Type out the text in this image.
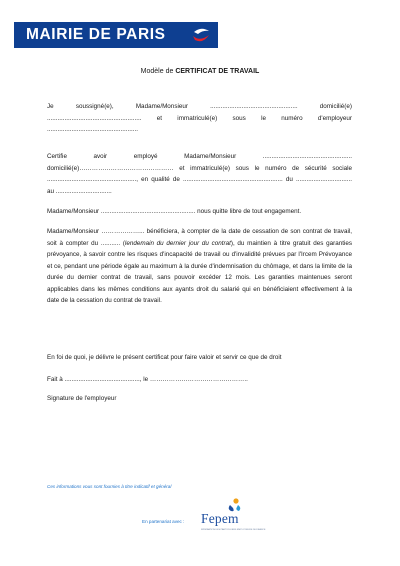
MAIRIE DE PARIS
Modèle de CERTIFICAT DE TRAVAIL
Je soussigné(e), Madame/Monsieur .................................................. domicilié(e) ...................................................... et immatriculé(e) sous le numéro d'employeur ....................................................
Certifie avoir employé Madame/Monsieur ................................................... domicilié(e)……………………………………… et immatriculé(e) sous le numéro de sécurité sociale ..................................................., en qualité de ......................................................... du ................................ au ................................
Madame/Monsieur ...................................................... nous quitte libre de tout engagement.
Madame/Monsieur ………………... bénéficiera, à compter de la date de cessation de son contrat de travail, soit à compter du ........... (lendemain du dernier jour du contrat), du maintien à titre gratuit des garanties prévoyance, à savoir contre les risques d'incapacité de travail ou d'invalidité prévues par l'Ircem Prévoyance et ce, pendant une période égale au maximum à la durée d'indemnisation du chômage, et dans la limite de la durée du dernier contrat de travail, sans pouvoir excéder 12 mois. Les garanties maintenues seront applicables dans les mêmes conditions aux ayants droit du salarié qui en bénéficiaient effectivement à la date de la cessation du contrat de travail.
En foi de quoi, je délivre le présent certificat pour faire valoir et servir ce que de droit
Fait à ..........................................., le ………………………………………..
Signature de l'employeur
Ces informations vous sont fournies à titre indicatif et général
En partenariat avec : Fepem
FÉDÉRATION DES PARTICULIERS EMPLOYEURS DE FRANCE
